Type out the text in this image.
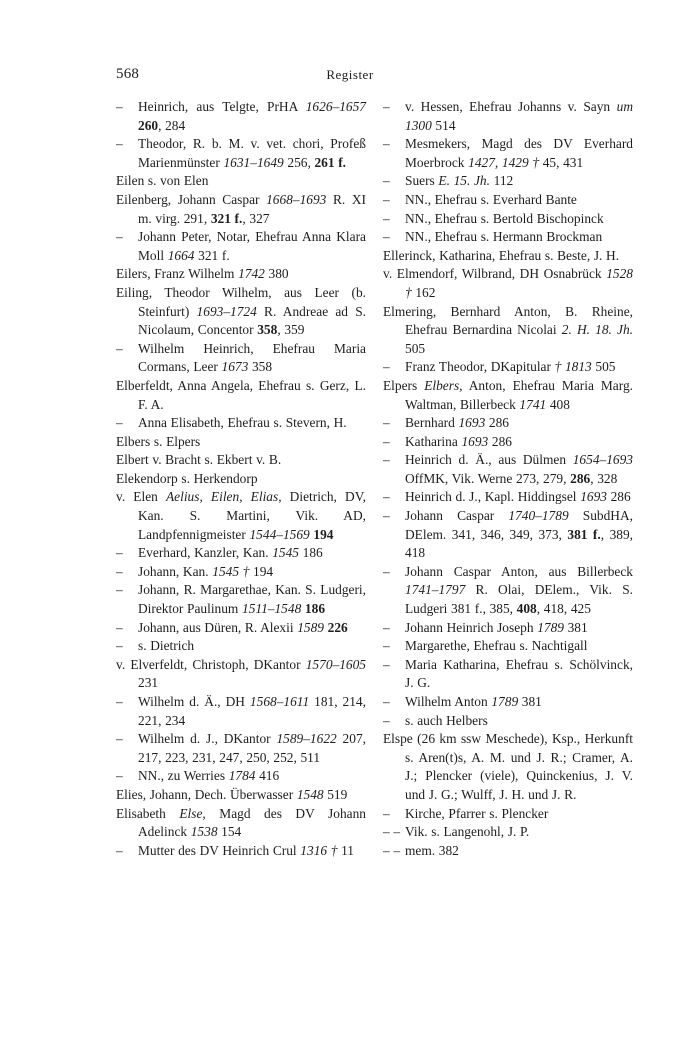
568	Register
– Heinrich, aus Telgte, PrHA 1626–1657 260, 284
– Theodor, R. b. M. v. vet. chori, Profeß Marienmünster 1631–1649 256, 261 f.
Eilen s. von Elen
Eilenberg, Johann Caspar 1668–1693 R. XI m. virg. 291, 321 f., 327
– Johann Peter, Notar, Ehefrau Anna Klara Moll 1664 321 f.
Eilers, Franz Wilhelm 1742 380
Eiling, Theodor Wilhelm, aus Leer (b. Steinfurt) 1693–1724 R. Andreae ad S. Nicolaum, Concentor 358, 359
– Wilhelm Heinrich, Ehefrau Maria Cormans, Leer 1673 358
Elberfeldt, Anna Angela, Ehefrau s. Gerz, L. F. A.
– Anna Elisabeth, Ehefrau s. Stevern, H.
Elbers s. Elpers
Elbert v. Bracht s. Ekbert v. B.
Elekendorp s. Herkendorp
v. Elen Aelius, Eilen, Elias, Dietrich, DV, Kan. S. Martini, Vik. AD, Landpfennigmeister 1544–1569 194
– Everhard, Kanzler, Kan. 1545 186
– Johann, Kan. 1545 † 194
– Johann, R. Margarethae, Kan. S. Ludgeri, Direktor Paulinum 1511–1548 186
– Johann, aus Düren, R. Alexii 1589 226
– s. Dietrich
v. Elverfeldt, Christoph, DKantor 1570–1605 231
– Wilhelm d. Ä., DH 1568–1611 181, 214, 221, 234
– Wilhelm d. J., DKantor 1589–1622 207, 217, 223, 231, 247, 250, 252, 511
– NN., zu Werries 1784 416
Elies, Johann, Dech. Überwasser 1548 519
Elisabeth Else, Magd des DV Johann Adelinck 1538 154
– Mutter des DV Heinrich Crul 1316 † 11
– v. Hessen, Ehefrau Johanns v. Sayn um 1300 514
– Mesmekers, Magd des DV Everhard Moerbrock 1427, 1429 † 45, 431
– Suers E. 15. Jh. 112
– NN., Ehefrau s. Everhard Bante
– NN., Ehefrau s. Bertold Bischopinck
– NN., Ehefrau s. Hermann Brockman
Ellerinck, Katharina, Ehefrau s. Beste, J. H.
v. Elmendorf, Wilbrand, DH Osnabrück 1528 † 162
Elmering, Bernhard Anton, B. Rheine, Ehefrau Bernardina Nicolai 2. H. 18. Jh. 505
– Franz Theodor, DKapitular † 1813 505
Elpers Elbers, Anton, Ehefrau Maria Marg. Waltman, Billerbeck 1741 408
– Bernhard 1693 286
– Katharina 1693 286
– Heinrich d. Ä., aus Dülmen 1654–1693 OffMK, Vik. Werne 273, 279, 286, 328
– Heinrich d. J., Kapl. Hiddingsel 1693 286
– Johann Caspar 1740–1789 SubdHA, DElem. 341, 346, 349, 373, 381 f., 389, 418
– Johann Caspar Anton, aus Billerbeck 1741–1797 R. Olai, DElem., Vik. S. Ludgeri 381 f., 385, 408, 418, 425
– Johann Heinrich Joseph 1789 381
– Margarethe, Ehefrau s. Nachtigall
– Maria Katharina, Ehefrau s. Schölvinck, J. G.
– Wilhelm Anton 1789 381
– s. auch Helbers
Elspe (26 km ssw Meschede), Ksp., Herkunft s. Aren(t)s, A. M. und J. R.; Cramer, A. J.; Plencker (viele), Quinckenius, J. V. und J. G.; Wulff, J. H. und J. R.
– Kirche, Pfarrer s. Plencker
– – Vik. s. Langenohl, J. P.
– – mem. 382
